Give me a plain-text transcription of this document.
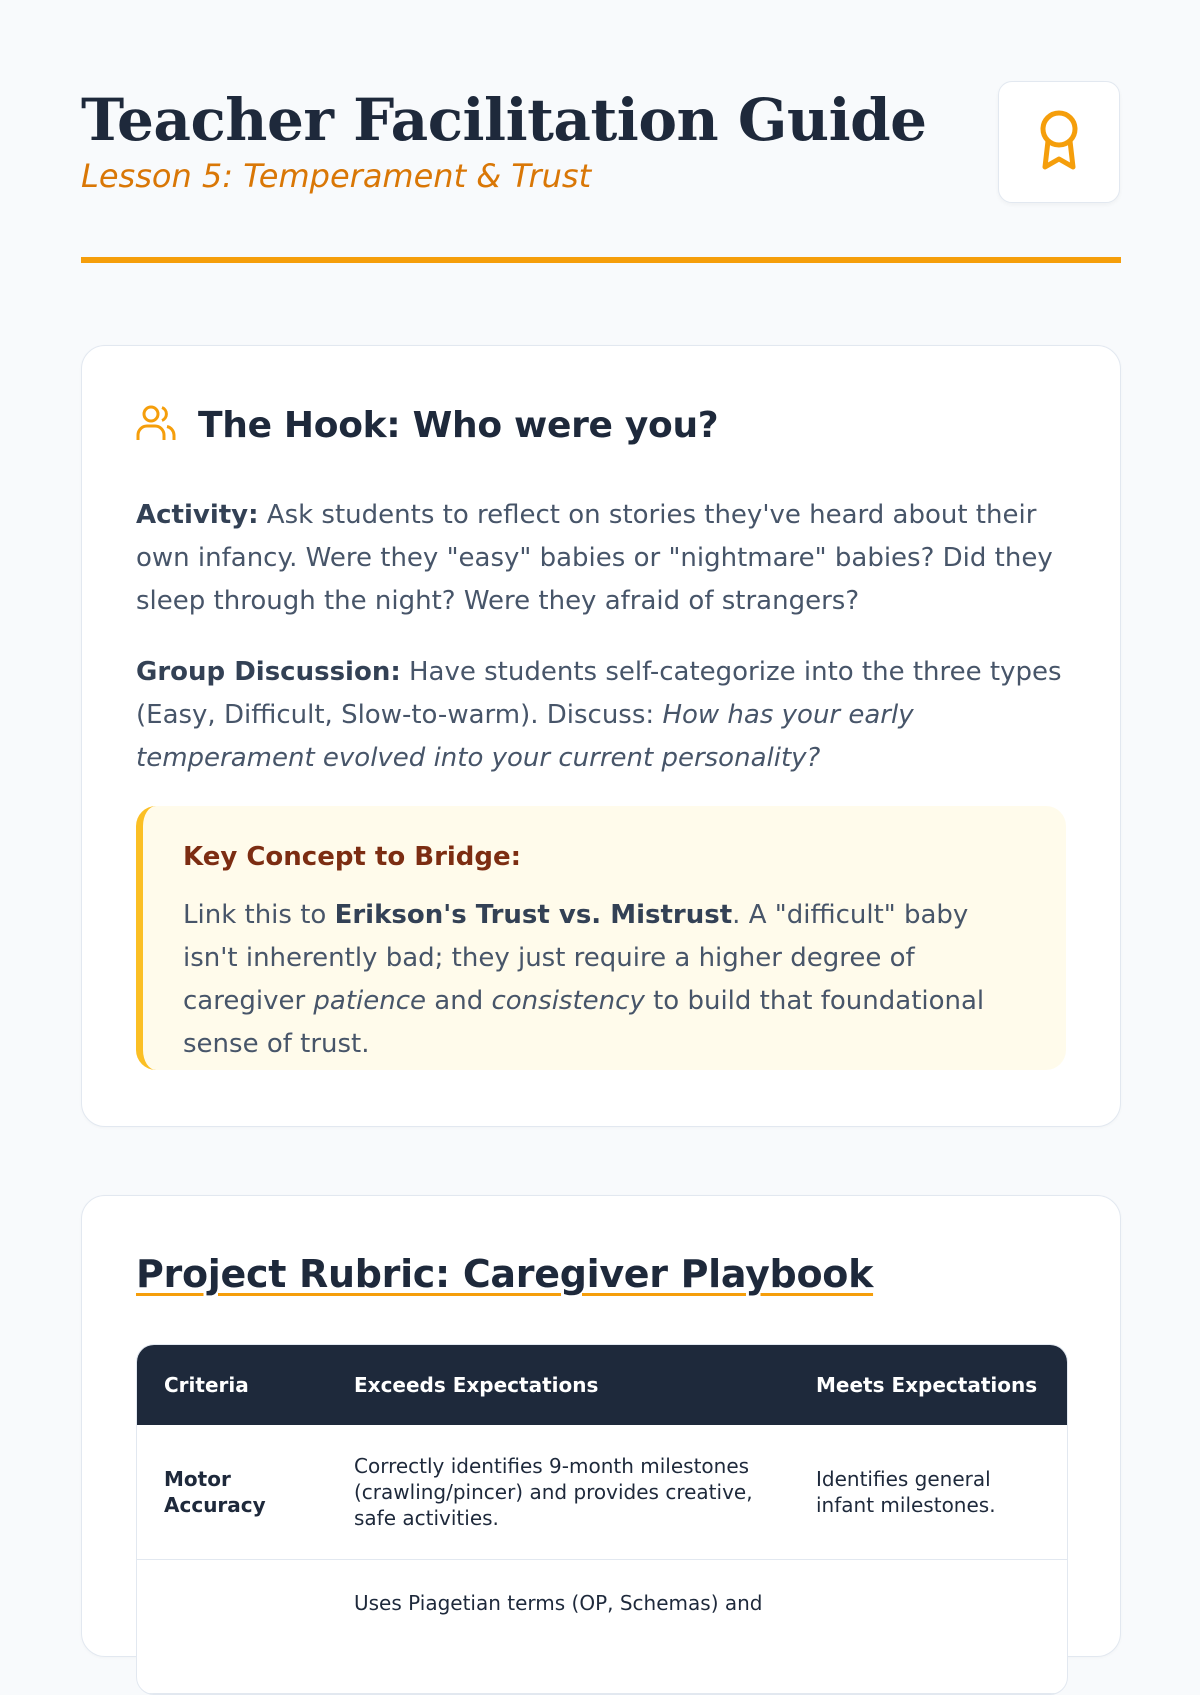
Teacher Facilitation Guide
Lesson 5: Temperament & Trust
The Hook: Who were you?
Activity: Ask students to reflect on stories they've heard about their own infancy. Were they "easy" babies or "nightmare" babies? Did they sleep through the night? Were they afraid of strangers?
Group Discussion: Have students self-categorize into the three types (Easy, Difficult, Slow-to-warm). Discuss: How has your early temperament evolved into your current personality?
Key Concept to Bridge:

Link this to Erikson's Trust vs. Mistrust. A "difficult" baby isn't inherently bad; they just require a higher degree of caregiver patience and consistency to build that foundational sense of trust.

Project Rubric: Caregiver Playbook
Criteria	Exceeds Expectations	Meets Expectations
Motor Accuracy
Correctly identifies 9-month milestones (crawling/pincer) and provides creative, safe activities.
Identifies general infant milestones.
Uses Piagetian terms (OP, Schemas) and
